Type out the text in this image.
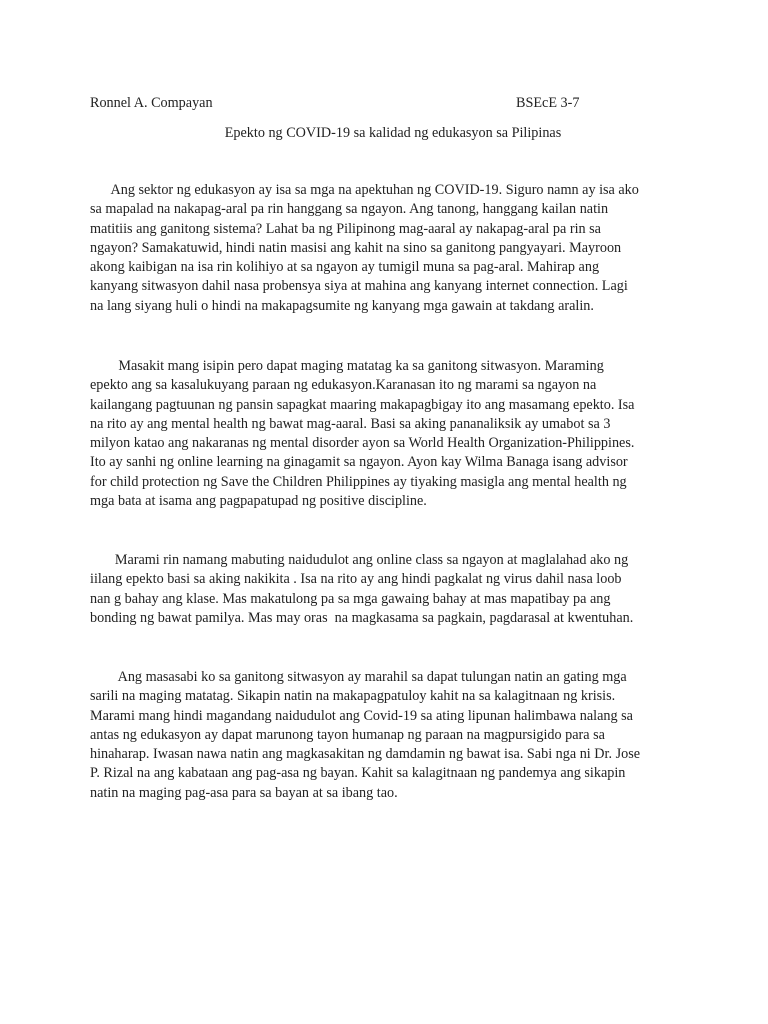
Ronnel A. Compayan	BSEcE 3-7
Epekto ng COVID-19 sa kalidad ng edukasyon sa Pilipinas
Ang sektor ng edukasyon ay isa sa mga na apektuhan ng COVID-19. Siguro namn ay isa ako
sa mapalad na nakapag-aral pa rin hanggang sa ngayon. Ang tanong, hanggang kailan natin
matitiis ang ganitong sistema? Lahat ba ng Pilipinong mag-aaral ay nakapag-aral pa rin sa
ngayon? Samakatuwid, hindi natin masisi ang kahit na sino sa ganitong pangyayari. Mayroon
akong kaibigan na isa rin kolihiyo at sa ngayon ay tumigil muna sa pag-aral. Mahirap ang
kanyang sitwasyon dahil nasa probensya siya at mahina ang kanyang internet connection. Lagi
na lang siyang huli o hindi na makapagsumite ng kanyang mga gawain at takdang aralin.
Masakit mang isipin pero dapat maging matatag ka sa ganitong sitwasyon. Maraming
epekto ang sa kasalukuyang paraan ng edukasyon.Karanasan ito ng marami sa ngayon na
kailangang pagtuunan ng pansin sapagkat maaring makapagbigay ito ang masamang epekto. Isa
na rito ay ang mental health ng bawat mag-aaral. Basi sa aking pananaliksik ay umabot sa 3
milyon katao ang nakaranas ng mental disorder ayon sa World Health Organization-Philippines.
Ito ay sanhi ng online learning na ginagamit sa ngayon. Ayon kay Wilma Banaga isang advisor
for child protection ng Save the Children Philippines ay tiyaking masigla ang mental health ng
mga bata at isama ang pagpapatupad ng positive discipline.
Marami rin namang mabuting naidudulot ang online class sa ngayon at maglalahad ako ng
iilang epekto basi sa aking nakikita . Isa na rito ay ang hindi pagkalat ng virus dahil nasa loob
nan g bahay ang klase. Mas makatulong pa sa mga gawaing bahay at mas mapatibay pa ang
bonding ng bawat pamilya. Mas may oras  na magkasama sa pagkain, pagdarasal at kwentuhan.
Ang masasabi ko sa ganitong sitwasyon ay marahil sa dapat tulungan natin an gating mga
sarili na maging matatag. Sikapin natin na makapagpatuloy kahit na sa kalagitnaan ng krisis.
Marami mang hindi magandang naidudulot ang Covid-19 sa ating lipunan halimbawa nalang sa
antas ng edukasyon ay dapat marunong tayon humanap ng paraan na magpursigido para sa
hinaharap. Iwasan nawa natin ang magkasakitan ng damdamin ng bawat isa. Sabi nga ni Dr. Jose
P. Rizal na ang kabataan ang pag-asa ng bayan. Kahit sa kalagitnaan ng pandemya ang sikapin
natin na maging pag-asa para sa bayan at sa ibang tao.
